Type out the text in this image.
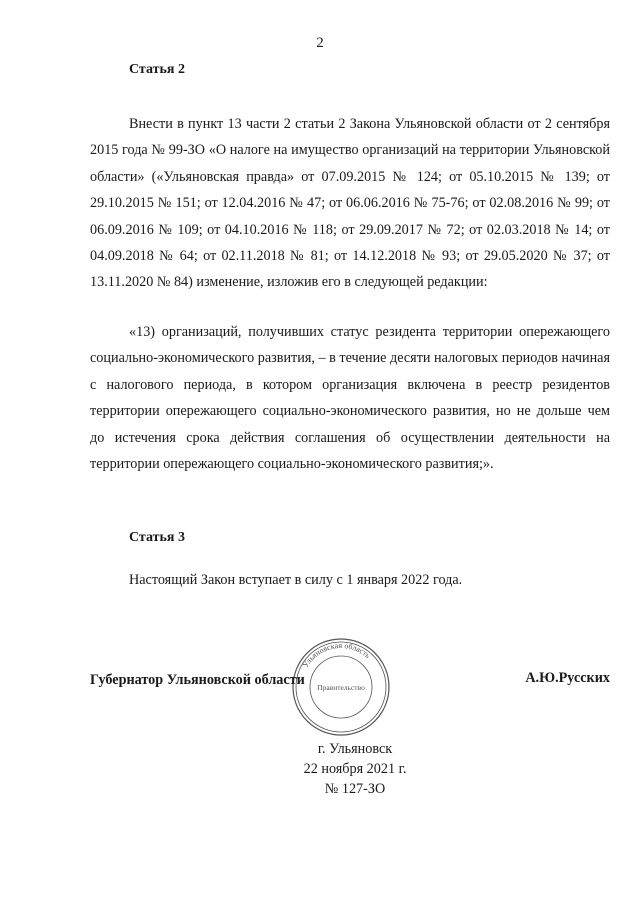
2
Статья 2

Внести в пункт 13 части 2 статьи 2 Закона Ульяновской области от 2 сентября 2015 года № 99-ЗО «О налоге на имущество организаций на территории Ульяновской области» («Ульяновская правда» от 07.09.2015 № 124; от 05.10.2015 № 139; от 29.10.2015 № 151; от 12.04.2016 № 47; от 06.06.2016 № 75-76; от 02.08.2016 № 99; от 06.09.2016 № 109; от 04.10.2016 № 118; от 29.09.2017 № 72; от 02.03.2018 № 14; от 04.09.2018 № 64; от 02.11.2018 № 81; от 14.12.2018 № 93; от 29.05.2020 № 37; от 13.11.2020 № 84) изменение, изложив его в следующей редакции:

«13) организаций, получивших статус резидента территории опережающего социально-экономического развития, – в течение десяти налоговых периодов начиная с налогового периода, в котором организация включена в реестр резидентов территории опережающего социально-экономического развития, но не дольше чем до истечения срока действия соглашения об осуществлении деятельности на территории опережающего социально-экономического развития;».

Статья 3

Настоящий Закон вступает в силу с 1 января 2022 года.

Ульяновская область
Правительство
Губернатор Ульяновской области	А.Ю.Русских
г. Ульяновск
22 ноября 2021 г.
№ 127-ЗО
